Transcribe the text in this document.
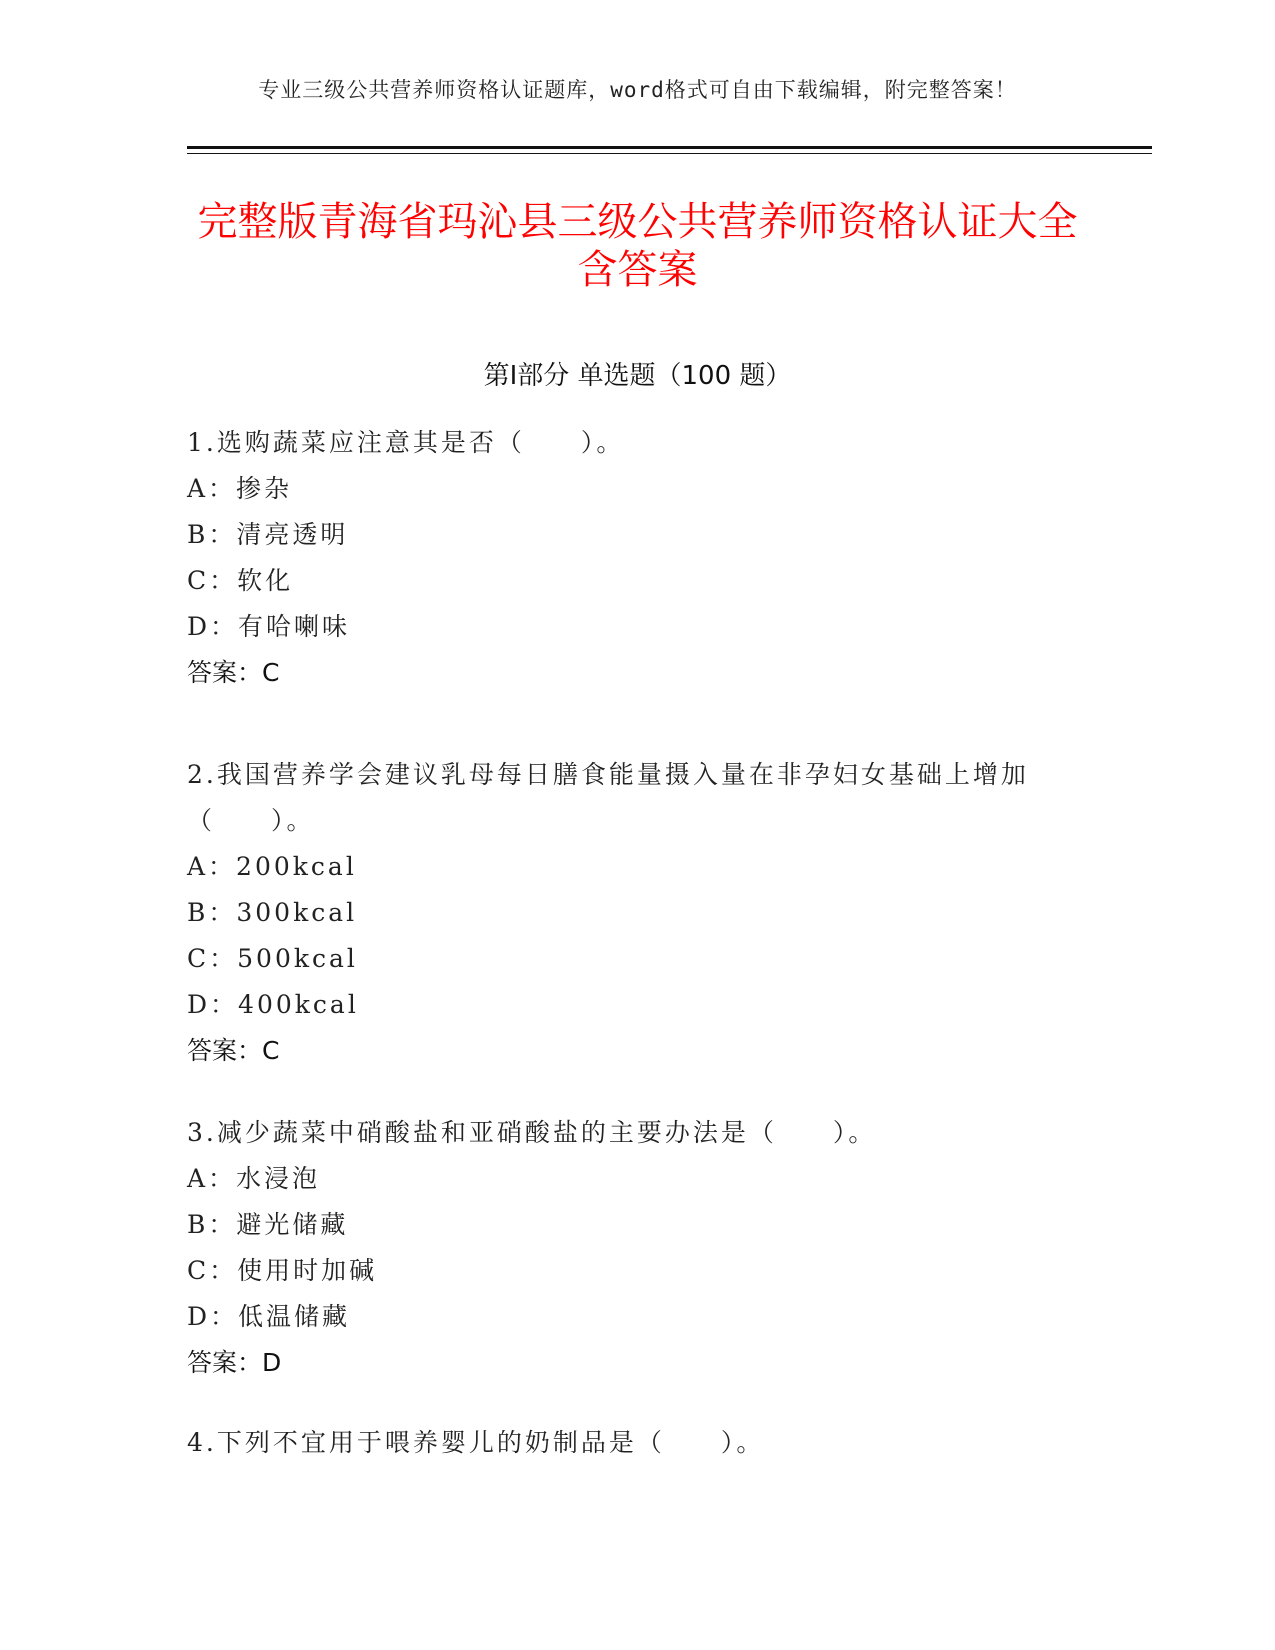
专业三级公共营养师资格认证题库，word格式可自由下载编辑，附完整答案！
完整版青海省玛沁县三级公共营养师资格认证大全含答案
第Ⅰ部分 单选题（100 题）

1.选购蔬菜应注意其是否（　　）。

A：掺杂

B：清亮透明

C：软化

D：有哈喇味

答案：C

2.我国营养学会建议乳母每日膳食能量摄入量在非孕妇女基础上增加（　　）。

A：200kcal

B：300kcal

C：500kcal

D：400kcal

答案：C

3.减少蔬菜中硝酸盐和亚硝酸盐的主要办法是（　　）。

A：水浸泡

B：避光储藏

C：使用时加碱

D：低温储藏

答案：D

4.下列不宜用于喂养婴儿的奶制品是（　　）。
